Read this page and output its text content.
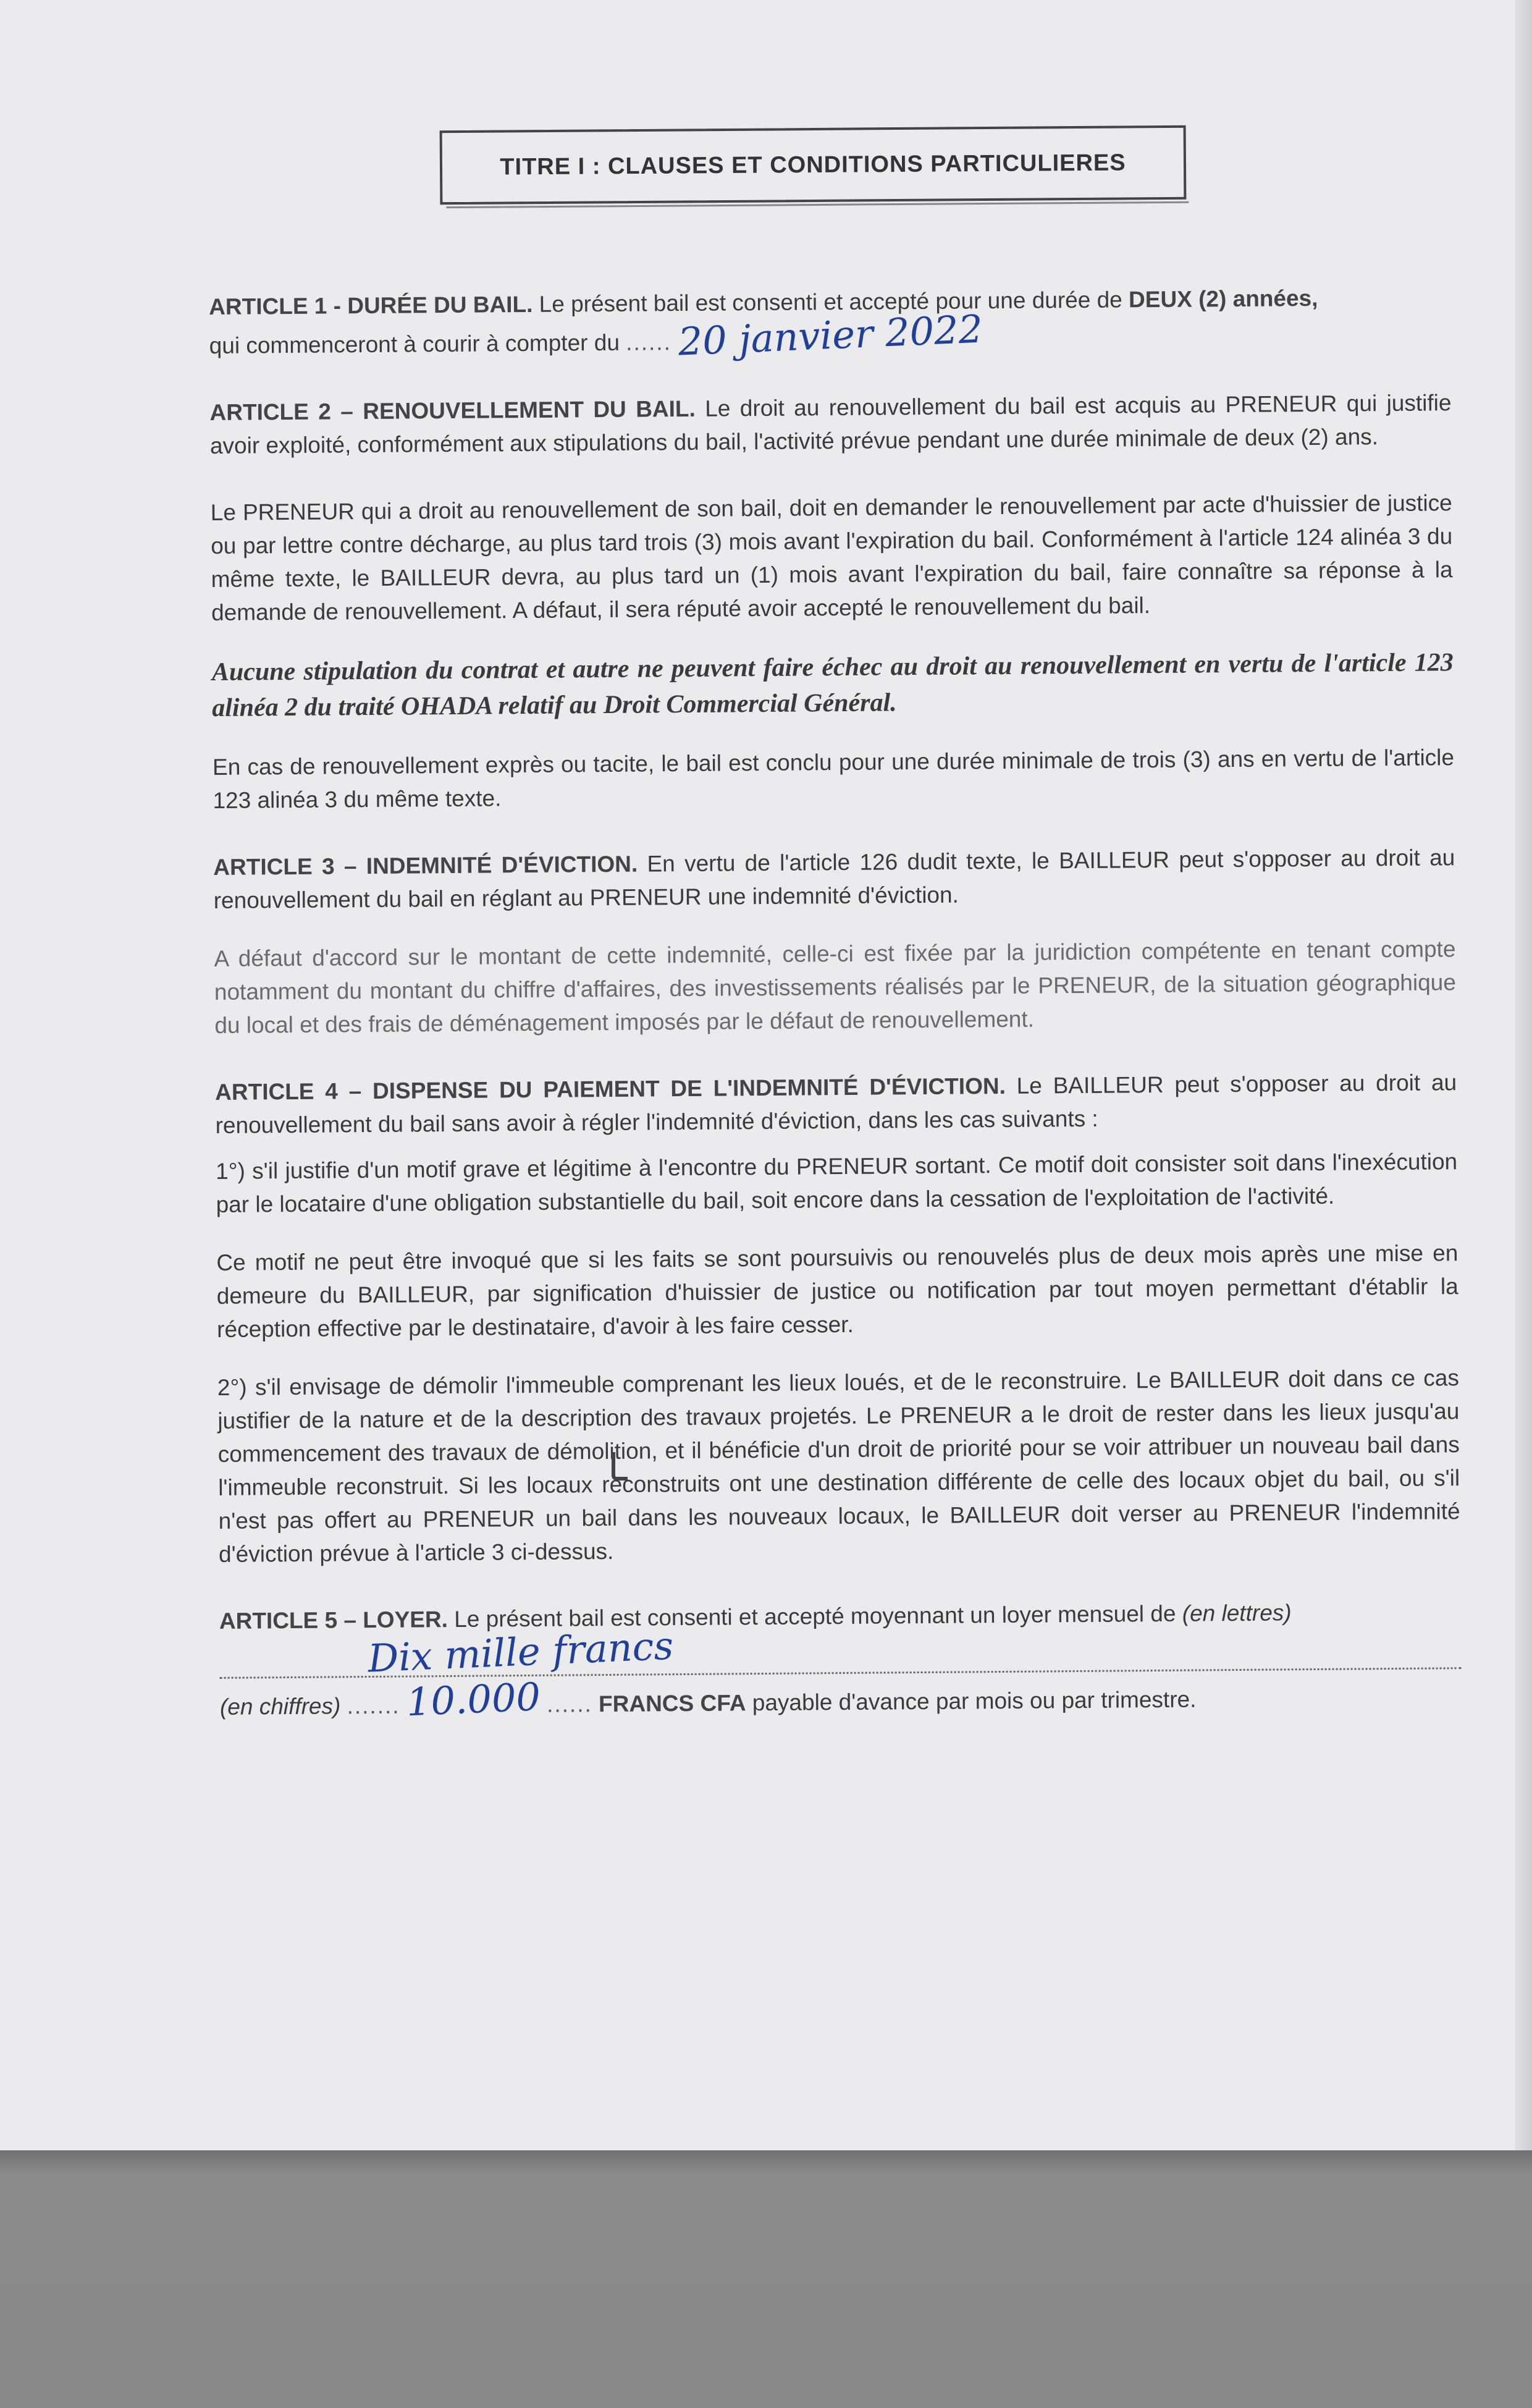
TITRE I : CLAUSES ET CONDITIONS PARTICULIERES

ARTICLE 1 - DURÉE DU BAIL. Le présent bail est consenti et accepté pour une durée de DEUX (2) années,

qui commenceront à courir à compter du ...... 20 janvier 2022

ARTICLE 2 – RENOUVELLEMENT DU BAIL. Le droit au renouvellement du bail est acquis au PRENEUR qui justifie avoir exploité, conformément aux stipulations du bail, l'activité prévue pendant une durée minimale de deux (2) ans.

Le PRENEUR qui a droit au renouvellement de son bail, doit en demander le renouvellement par acte d'huissier de justice ou par lettre contre décharge, au plus tard trois (3) mois avant l'expiration du bail. Conformément à l'article 124 alinéa 3 du même texte, le BAILLEUR devra, au plus tard un (1) mois avant l'expiration du bail, faire connaître sa réponse à la demande de renouvellement. A défaut, il sera réputé avoir accepté le renouvellement du bail.

Aucune stipulation du contrat et autre ne peuvent faire échec au droit au renouvellement en vertu de l'article 123 alinéa 2 du traité OHADA relatif au Droit Commercial Général.

En cas de renouvellement exprès ou tacite, le bail est conclu pour une durée minimale de trois (3) ans en vertu de l'article 123 alinéa 3 du même texte.

ARTICLE 3 – INDEMNITÉ D'ÉVICTION. En vertu de l'article 126 dudit texte, le BAILLEUR peut s'opposer au droit au renouvellement du bail en réglant au PRENEUR une indemnité d'éviction.

A défaut d'accord sur le montant de cette indemnité, celle-ci est fixée par la juridiction compétente en tenant compte notamment du montant du chiffre d'affaires, des investissements réalisés par le PRENEUR, de la situation géographique du local et des frais de déménagement imposés par le défaut de renouvellement.

ARTICLE 4 – DISPENSE DU PAIEMENT DE L'INDEMNITÉ D'ÉVICTION. Le BAILLEUR peut s'opposer au droit au renouvellement du bail sans avoir à régler l'indemnité d'éviction, dans les cas suivants :

1°) s'il justifie d'un motif grave et légitime à l'encontre du PRENEUR sortant. Ce motif doit consister soit dans l'inexécution par le locataire d'une obligation substantielle du bail, soit encore dans la cessation de l'exploitation de l'activité.

Ce motif ne peut être invoqué que si les faits se sont poursuivis ou renouvelés plus de deux mois après une mise en demeure du BAILLEUR, par signification d'huissier de justice ou notification par tout moyen permettant d'établir la réception effective par le destinataire, d'avoir à les faire cesser.

2°) s'il envisage de démolir l'immeuble comprenant les lieux loués, et de le reconstruire. Le BAILLEUR doit dans ce cas justifier de la nature et de la description des travaux projetés. Le PRENEUR a le droit de rester dans les lieux jusqu'au commencement des travaux de démolition, et il bénéficie d'un droit de priorité pour se voir attribuer un nouveau bail dans l'immeuble reconstruit. Si les locaux reconstruits ont une destination différente de celle des locaux objet du bail, ou s'il n'est pas offert au PRENEUR un bail dans les nouveaux locaux, le BAILLEUR doit verser au PRENEUR l'indemnité d'éviction prévue à l'article 3 ci-dessus.

ARTICLE 5 – LOYER. Le présent bail est consenti et accepté moyennant un loyer mensuel de (en lettres)

Dix mille francs

(en chiffres) ....... 10.000 ...... FRANCS CFA payable d'avance par mois ou par trimestre.
